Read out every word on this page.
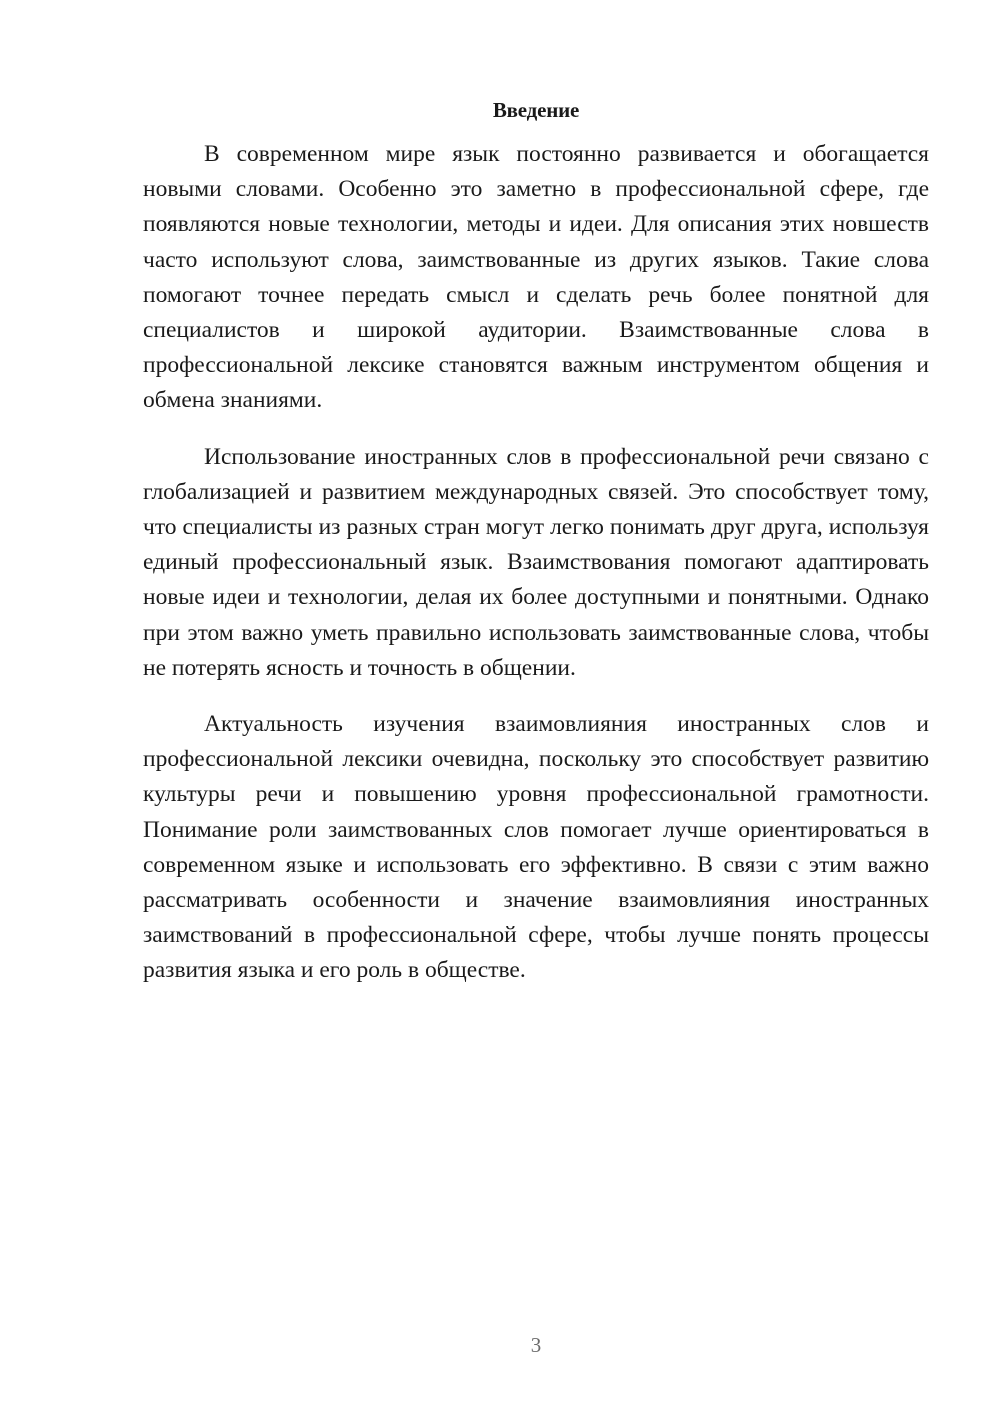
Введение

В современном мире язык постоянно развивается и обогащается новыми словами. Особенно это заметно в профессиональной сфере, где появляются новые технологии, методы и идеи. Для описания этих новшеств часто используют слова, заимствованные из других языков. Такие слова помогают точнее передать смысл и сделать речь более понятной для специалистов и широкой аудитории. Взаимствованные слова в профессиональной лексике становятся важным инструментом общения и обмена знаниями.

Использование иностранных слов в профессиональной речи связано с глобализацией и развитием международных связей. Это способствует тому, что специалисты из разных стран могут легко понимать друг друга, используя единый профессиональный язык. Взаимствования помогают адаптировать новые идеи и технологии, делая их более доступными и понятными. Однако при этом важно уметь правильно использовать заимствованные слова, чтобы не потерять ясность и точность в общении.

Актуальность изучения взаимовлияния иностранных слов и профессиональной лексики очевидна, поскольку это способствует развитию культуры речи и повышению уровня профессиональной грамотности. Понимание роли заимствованных слов помогает лучше ориентироваться в современном языке и использовать его эффективно. В связи с этим важно рассматривать особенности и значение взаимовлияния иностранных заимствований в профессиональной сфере, чтобы лучше понять процессы развития языка и его роль в обществе.

3
